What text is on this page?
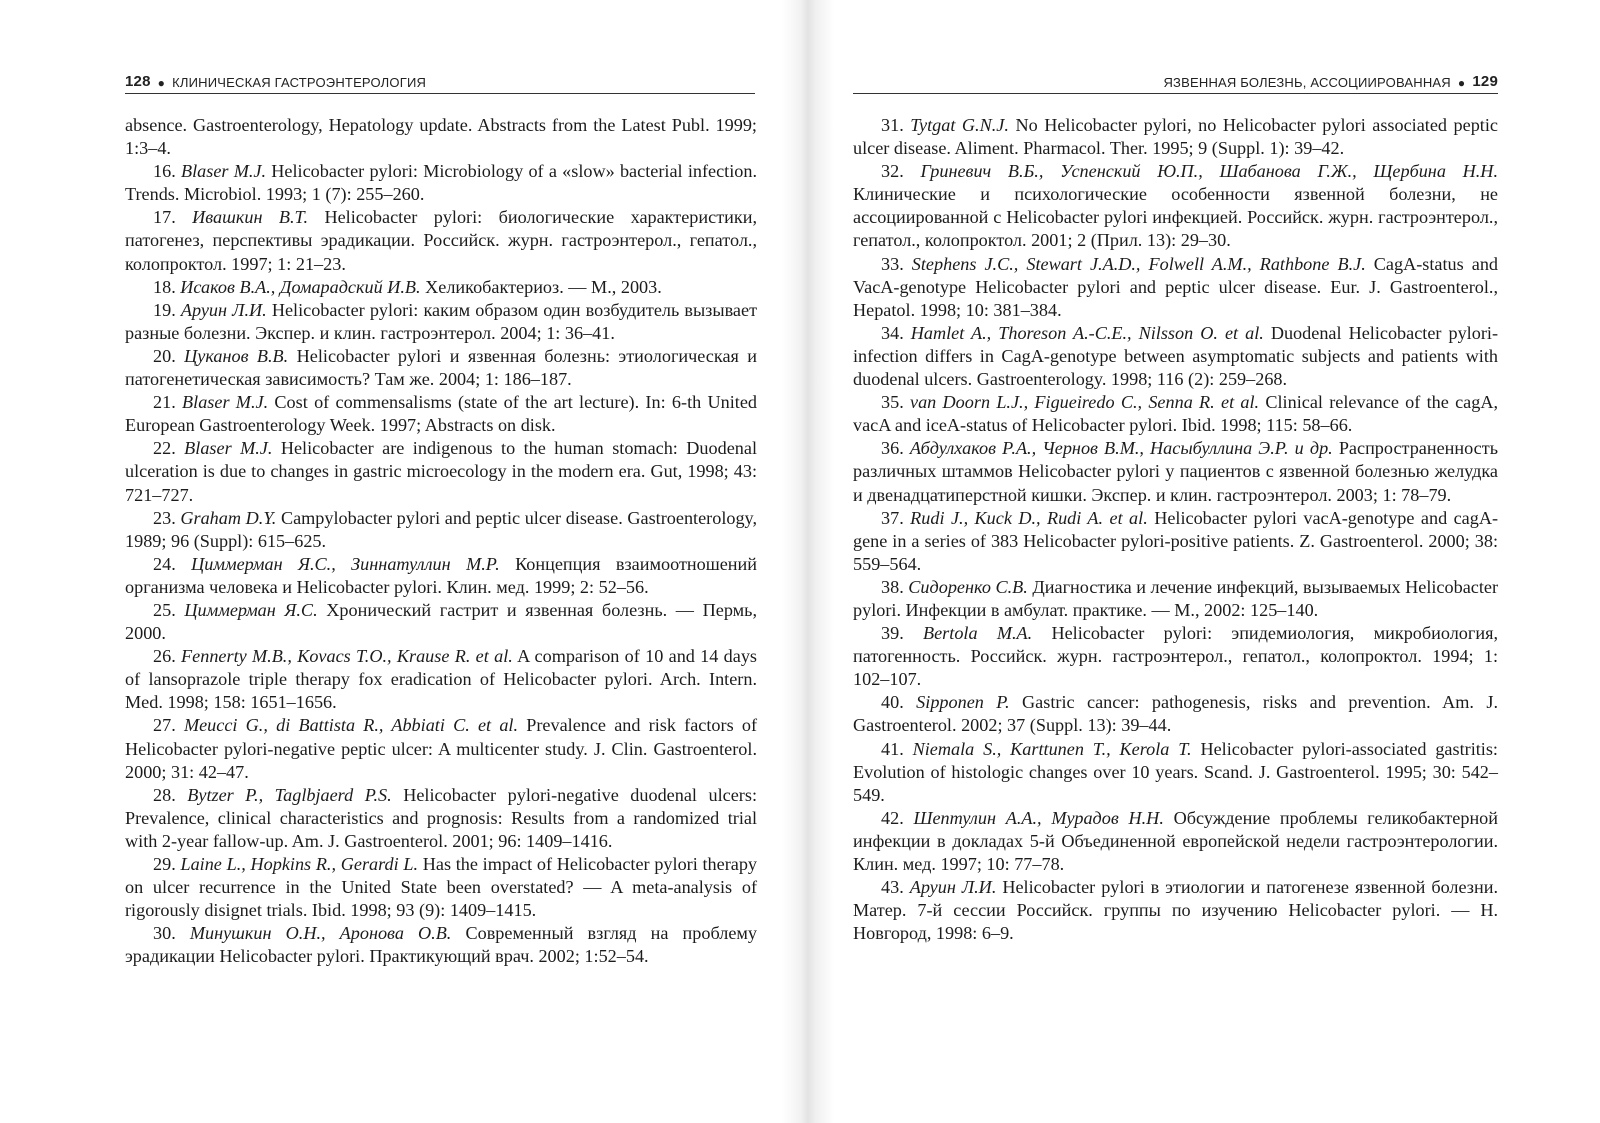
128 ● КЛИНИЧЕСКАЯ ГАСТРОЭНТЕРОЛОГИЯ

absence. Gastroenterology, Hepatology update. Abstracts from the Latest Publ. 1999; 1:3–4.

16. Blaser M.J. Helicobacter pylori: Microbiology of a «slow» bacterial infection. Trends. Microbiol. 1993; 1 (7): 255–260.

17. Ивашкин В.Т. Helicobacter pylori: биологические характеристики, патогенез, перспективы эрадикации. Российск. журн. гастроэнтерол., гепатол., колопроктол. 1997; 1: 21–23.

18. Исаков В.А., Домарадский И.В. Хеликобактериоз. — М., 2003.

19. Аруин Л.И. Helicobacter pylori: каким образом один возбудитель вызывает разные болезни. Экспер. и клин. гастроэнтерол. 2004; 1: 36–41.

20. Цуканов В.В. Helicobacter pylori и язвенная болезнь: этиологическая и патогенетическая зависимость? Там же. 2004; 1: 186–187.

21. Blaser M.J. Cost of commensalisms (state of the art lecture). In: 6-th United European Gastroenterology Week. 1997; Abstracts on disk.

22. Blaser M.J. Helicobacter are indigenous to the human stomach: Duodenal ulceration is due to changes in gastric microecology in the modern era. Gut, 1998; 43: 721–727.

23. Graham D.Y. Campylobacter pylori and peptic ulcer disease. Gastroenterology, 1989; 96 (Suppl): 615–625.

24. Циммерман Я.С., Зиннатуллин М.Р. Концепция взаимоотношений организма человека и Helicobacter pylori. Клин. мед. 1999; 2: 52–56.

25. Циммерман Я.С. Хронический гастрит и язвенная болезнь. — Пермь, 2000.

26. Fennerty M.B., Kovacs T.O., Krause R. et al. A comparison of 10 and 14 days of lansoprazole triple therapy fox eradication of Helicobacter pylori. Arch. Intern. Med. 1998; 158: 1651–1656.

27. Meucci G., di Battista R., Abbiati C. et al. Prevalence and risk factors of Helicobacter pylori-negative peptic ulcer: A multicenter study. J. Clin. Gastroenterol. 2000; 31: 42–47.

28. Bytzer P., Taglbjaerd P.S. Helicobacter pylori-negative duodenal ulcers: Prevalence, clinical characteristics and prognosis: Results from a randomized trial with 2-year fallow-up. Am. J. Gastroenterol. 2001; 96: 1409–1416.

29. Laine L., Hopkins R., Gerardi L. Has the impact of Helicobacter pylori therapy on ulcer recurrence in the United State been overstated? — A meta-analysis of rigorously disignet trials. Ibid. 1998; 93 (9): 1409–1415.

30. Минушкин О.Н., Аронова О.В. Современный взгляд на проблему эрадикации Helicobacter pylori. Практикующий врач. 2002; 1:52–54.

ЯЗВЕННАЯ БОЛЕЗНЬ, АССОЦИИРОВАННАЯ ● 129

31. Tytgat G.N.J. No Helicobacter pylori, no Helicobacter pylori associated peptic ulcer disease. Aliment. Pharmacol. Ther. 1995; 9 (Suppl. 1): 39–42.

32. Гриневич В.Б., Успенский Ю.П., Шабанова Г.Ж., Щербина Н.Н. Клинические и психологические особенности язвенной болезни, не ассоциированной с Helicobacter pylori инфекцией. Российск. журн. гастроэнтерол., гепатол., колопроктол. 2001; 2 (Прил. 13): 29–30.

33. Stephens J.C., Stewart J.A.D., Folwell A.M., Rathbone B.J. CagA-status and VacA-genotype Helicobacter pylori and peptic ulcer disease. Eur. J. Gastroenterol., Hepatol. 1998; 10: 381–384.

34. Hamlet A., Thoreson A.-C.E., Nilsson O. et al. Duodenal Helicobacter pylori-infection differs in CagA-genotype between asymptomatic subjects and patients with duodenal ulcers. Gastroenterology. 1998; 116 (2): 259–268.

35. van Doorn L.J., Figueiredo C., Senna R. et al. Clinical relevance of the cagA, vacA and iceA-status of Helicobacter pylori. Ibid. 1998; 115: 58–66.

36. Абдулхаков Р.А., Чернов В.М., Насыбуллина Э.Р. и др. Распространенность различных штаммов Helicobacter pylori у пациентов с язвенной болезнью желудка и двенадцатиперстной кишки. Экспер. и клин. гастроэнтерол. 2003; 1: 78–79.

37. Rudi J., Kuck D., Rudi A. et al. Helicobacter pylori vacA-genotype and cagA-gene in a series of 383 Helicobacter pylori-positive patients. Z. Gastroenterol. 2000; 38: 559–564.

38. Сидоренко С.В. Диагностика и лечение инфекций, вызываемых Helicobacter pylori. Инфекции в амбулат. практике. — М., 2002: 125–140.

39. Bertola M.A. Helicobacter pylori: эпидемиология, микробиология, патогенность. Российск. журн. гастроэнтерол., гепатол., колопроктол. 1994; 1: 102–107.

40. Sipponen P. Gastric cancer: pathogenesis, risks and prevention. Am. J. Gastroenterol. 2002; 37 (Suppl. 13): 39–44.

41. Niemala S., Karttunen T., Kerola T. Helicobacter pylori-associated gastritis: Evolution of histologic changes over 10 years. Scand. J. Gastroenterol. 1995; 30: 542–549.

42. Шептулин А.А., Мурадов Н.Н. Обсуждение проблемы геликобактерной инфекции в докладах 5-й Объединенной европейской недели гастроэнтерологии. Клин. мед. 1997; 10: 77–78.

43. Аруин Л.И. Helicobacter pylori в этиологии и патогенезе язвенной болезни. Матер. 7-й сессии Российск. группы по изучению Helicobacter pylori. — Н. Новгород, 1998: 6–9.
